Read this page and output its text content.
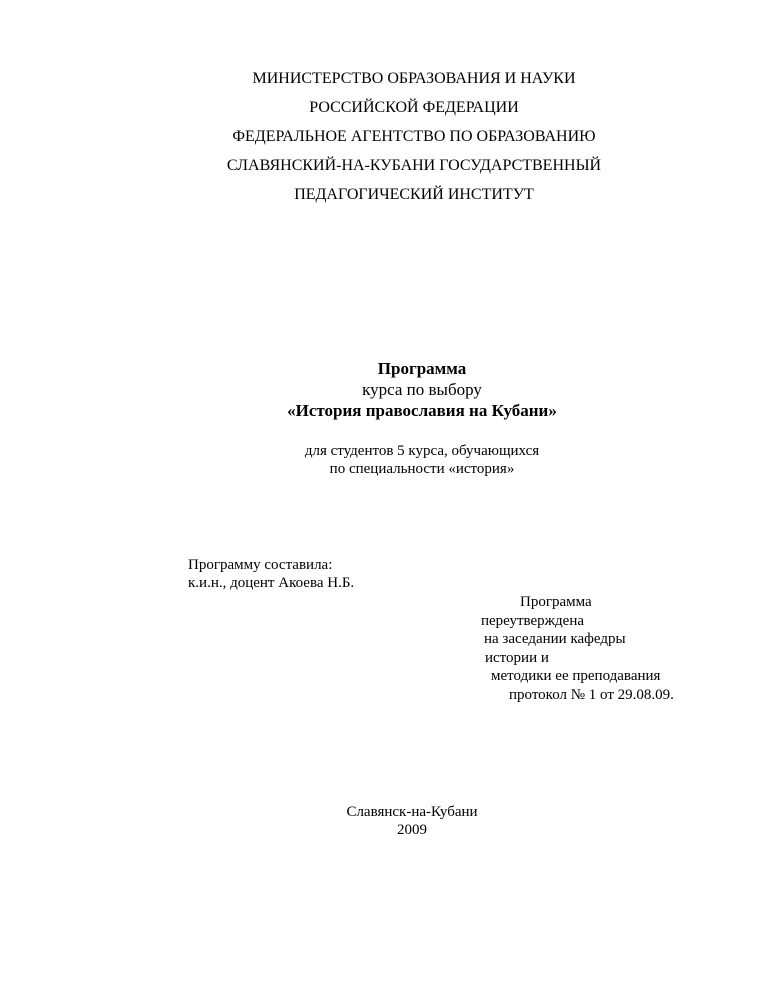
МИНИСТЕРСТВО ОБРАЗОВАНИЯ И НАУКИ
РОССИЙСКОЙ ФЕДЕРАЦИИ
ФЕДЕРАЛЬНОЕ АГЕНТСТВО ПО ОБРАЗОВАНИЮ
СЛАВЯНСКИЙ-НА-КУБАНИ ГОСУДАРСТВЕННЫЙ
ПЕДАГОГИЧЕСКИЙ ИНСТИТУТ
Программа
курса по выбору
«История православия на Кубани»
для студентов 5 курса, обучающихся
по специальности «история»
Программу составила:
к.и.н., доцент Акоева Н.Б.
Программа
переутверждена
на заседании кафедры
истории и
методики ее преподавания
протокол № 1 от 29.08.09.
Славянск-на-Кубани
2009
